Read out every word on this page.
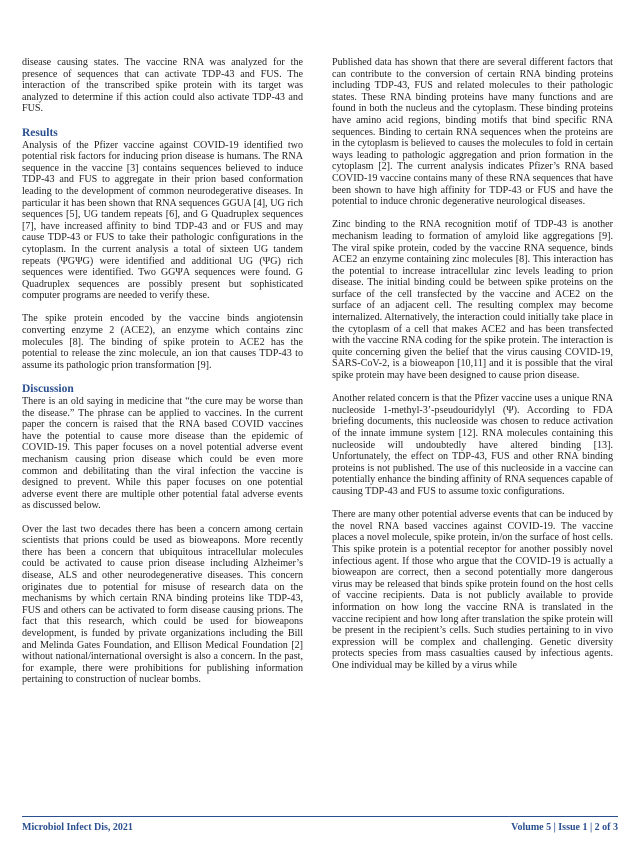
disease causing states. The vaccine RNA was analyzed for the presence of sequences that can activate TDP-43 and FUS. The interaction of the transcribed spike protein with its target was analyzed to determine if this action could also activate TDP-43 and FUS.

Results

Analysis of the Pfizer vaccine against COVID-19 identified two potential risk factors for inducing prion disease is humans. The RNA sequence in the vaccine [3] contains sequences believed to induce TDP-43 and FUS to aggregate in their prion based conformation leading to the development of common neurodegerative diseases. In particular it has been shown that RNA sequences GGUA [4], UG rich sequences [5], UG tandem repeats [6], and G Quadruplex sequences [7], have increased affinity to bind TDP-43 and or FUS and may cause TDP-43 or FUS to take their pathologic configurations in the cytoplasm. In the current analysis a total of sixteen UG tandem repeats (ΨGΨG) were identified and additional UG (ΨG) rich sequences were identified. Two GGΨA sequences were found. G Quadruplex sequences are possibly present but sophisticated computer programs are needed to verify these.

The spike protein encoded by the vaccine binds angiotensin converting enzyme 2 (ACE2), an enzyme which contains zinc molecules [8]. The binding of spike protein to ACE2 has the potential to release the zinc molecule, an ion that causes TDP-43 to assume its pathologic prion transformation [9].

Discussion

There is an old saying in medicine that “the cure may be worse than the disease.” The phrase can be applied to vaccines. In the current paper the concern is raised that the RNA based COVID vaccines have the potential to cause more disease than the epidemic of COVID-19. This paper focuses on a novel potential adverse event mechanism causing prion disease which could be even more common and debilitating than the viral infection the vaccine is designed to prevent. While this paper focuses on one potential adverse event there are multiple other potential fatal adverse events as discussed below.

Over the last two decades there has been a concern among certain scientists that prions could be used as bioweapons. More recently there has been a concern that ubiquitous intracellular molecules could be activated to cause prion disease including Alzheimer’s disease, ALS and other neurodegenerative diseases. This concern originates due to potential for misuse of research data on the mechanisms by which certain RNA binding proteins like TDP-43, FUS and others can be activated to form disease causing prions. The fact that this research, which could be used for bioweapons development, is funded by private organizations including the Bill and Melinda Gates Foundation, and Ellison Medical Foundation [2] without national/international oversight is also a concern. In the past, for example, there were prohibitions for publishing information pertaining to construction of nuclear bombs.

Published data has shown that there are several different factors that can contribute to the conversion of certain RNA binding proteins including TDP-43, FUS and related molecules to their pathologic states. These RNA binding proteins have many functions and are found in both the nucleus and the cytoplasm. These binding proteins have amino acid regions, binding motifs that bind specific RNA sequences. Binding to certain RNA sequences when the proteins are in the cytoplasm is believed to causes the molecules to fold in certain ways leading to pathologic aggregation and prion formation in the cytoplasm [2]. The current analysis indicates Pfizer’s RNA based COVID-19 vaccine contains many of these RNA sequences that have been shown to have high affinity for TDP-43 or FUS and have the potential to induce chronic degenerative neurological diseases.

Zinc binding to the RNA recognition motif of TDP-43 is another mechanism leading to formation of amyloid like aggregations [9]. The viral spike protein, coded by the vaccine RNA sequence, binds ACE2 an enzyme containing zinc molecules [8]. This interaction has the potential to increase intracellular zinc levels leading to prion disease. The initial binding could be between spike proteins on the surface of the cell transfected by the vaccine and ACE2 on the surface of an adjacent cell. The resulting complex may become internalized. Alternatively, the interaction could initially take place in the cytoplasm of a cell that makes ACE2 and has been transfected with the vaccine RNA coding for the spike protein. The interaction is quite concerning given the belief that the virus causing COVID-19, SARS-CoV-2, is a bioweapon [10,11] and it is possible that the viral spike protein may have been designed to cause prion disease.

Another related concern is that the Pfizer vaccine uses a unique RNA nucleoside 1-methyl-3’-pseudouridylyl (Ψ). According to FDA briefing documents, this nucleoside was chosen to reduce activation of the innate immune system [12]. RNA molecules containing this nucleoside will undoubtedly have altered binding [13]. Unfortunately, the effect on TDP-43, FUS and other RNA binding proteins is not published. The use of this nucleoside in a vaccine can potentially enhance the binding affinity of RNA sequences capable of causing TDP-43 and FUS to assume toxic configurations.

There are many other potential adverse events that can be induced by the novel RNA based vaccines against COVID-19. The vaccine places a novel molecule, spike protein, in/on the surface of host cells. This spike protein is a potential receptor for another possibly novel infectious agent. If those who argue that the COVID-19 is actually a bioweapon are correct, then a second potentially more dangerous virus may be released that binds spike protein found on the host cells of vaccine recipients. Data is not publicly available to provide information on how long the vaccine RNA is translated in the vaccine recipient and how long after translation the spike protein will be present in the recipient’s cells. Such studies pertaining to in vivo expression will be complex and challenging. Genetic diversity protects species from mass casualties caused by infectious agents. One individual may be killed by a virus while

Microbiol Infect Dis, 2021	Volume 5 | Issue 1 | 2 of 3
